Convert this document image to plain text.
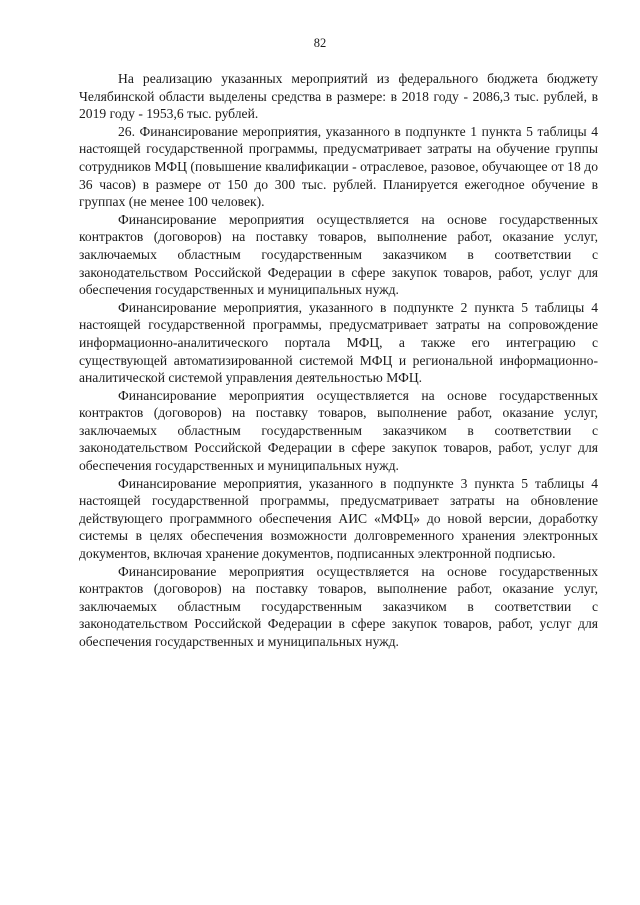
82

На реализацию указанных мероприятий из федерального бюджета бюджету Челябинской области выделены средства в размере: в 2018 году - 2086,3 тыс. рублей, в 2019 году - 1953,6 тыс. рублей.

26. Финансирование мероприятия, указанного в подпункте 1 пункта 5 таблицы 4 настоящей государственной программы, предусматривает затраты на обучение группы сотрудников МФЦ (повышение квалификации - отраслевое, разовое, обучающее от 18 до 36 часов) в размере от 150 до 300 тыс. рублей. Планируется ежегодное обучение в группах (не менее 100 человек).

Финансирование мероприятия осуществляется на основе государственных контрактов (договоров) на поставку товаров, выполнение работ, оказание услуг, заключаемых областным государственным заказчиком в соответствии с законодательством Российской Федерации в сфере закупок товаров, работ, услуг для обеспечения государственных и муниципальных нужд.

Финансирование мероприятия, указанного в подпункте 2 пункта 5 таблицы 4 настоящей государственной программы, предусматривает затраты на сопровождение информационно-аналитического портала МФЦ, а также его интеграцию с существующей автоматизированной системой МФЦ и региональной информационно-аналитической системой управления деятельностью МФЦ.

Финансирование мероприятия осуществляется на основе государственных контрактов (договоров) на поставку товаров, выполнение работ, оказание услуг, заключаемых областным государственным заказчиком в соответствии с законодательством Российской Федерации в сфере закупок товаров, работ, услуг для обеспечения государственных и муниципальных нужд.

Финансирование мероприятия, указанного в подпункте 3 пункта 5 таблицы 4 настоящей государственной программы, предусматривает затраты на обновление действующего программного обеспечения АИС «МФЦ» до новой версии, доработку системы в целях обеспечения возможности долговременного хранения электронных документов, включая хранение документов, подписанных электронной подписью.

Финансирование мероприятия осуществляется на основе государственных контрактов (договоров) на поставку товаров, выполнение работ, оказание услуг, заключаемых областным государственным заказчиком в соответствии с законодательством Российской Федерации в сфере закупок товаров, работ, услуг для обеспечения государственных и муниципальных нужд.
